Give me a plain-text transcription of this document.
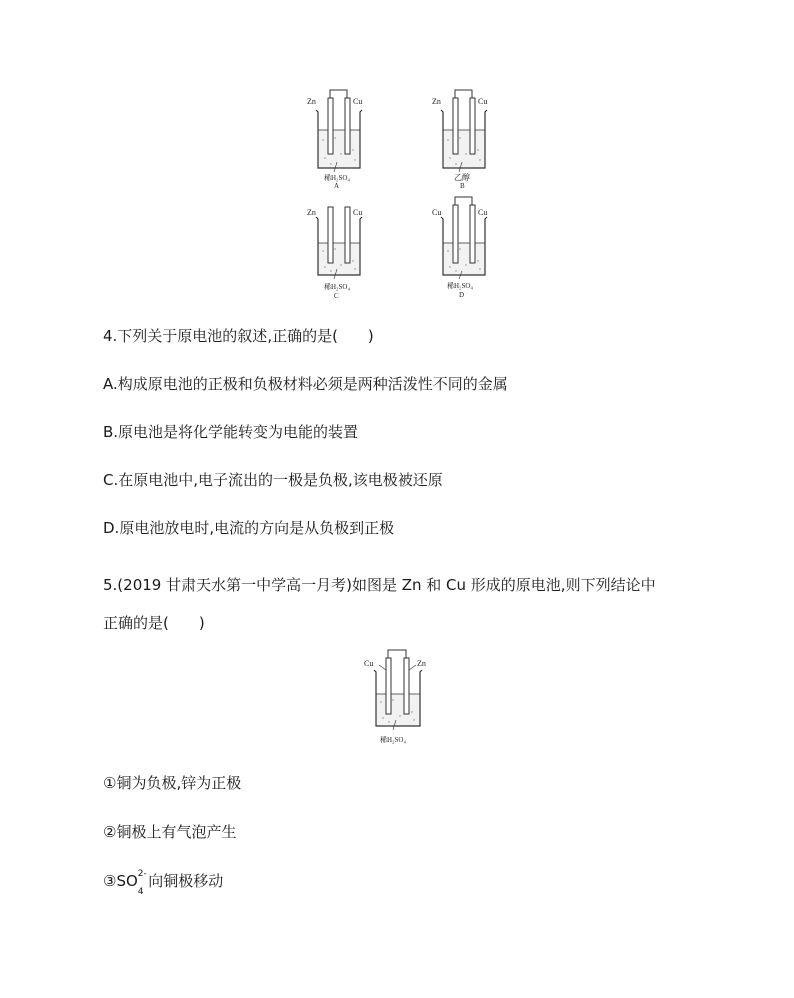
Zn	Cu
稀H₂SO₄
A
Zn	Cu
乙醇
B
Zn	Cu
稀H₂SO₄
C
Cu	Cu
稀H₂SO₄
D
4.下列关于原电池的叙述,正确的是(　　)
A.构成原电池的正极和负极材料必须是两种活泼性不同的金属
B.原电池是将化学能转变为电能的装置
C.在原电池中,电子流出的一极是负极,该电极被还原
D.原电池放电时,电流的方向是从负极到正极
5.(2019 甘肃天水第一中学高一月考)如图是 Zn 和 Cu 形成的原电池,则下列结论中
正确的是(　　)
Cu	Zn
稀H₂SO₄
①铜为负极,锌为正极
②铜极上有气泡产生
③SO 2-
$_4$ 向铜极移动
